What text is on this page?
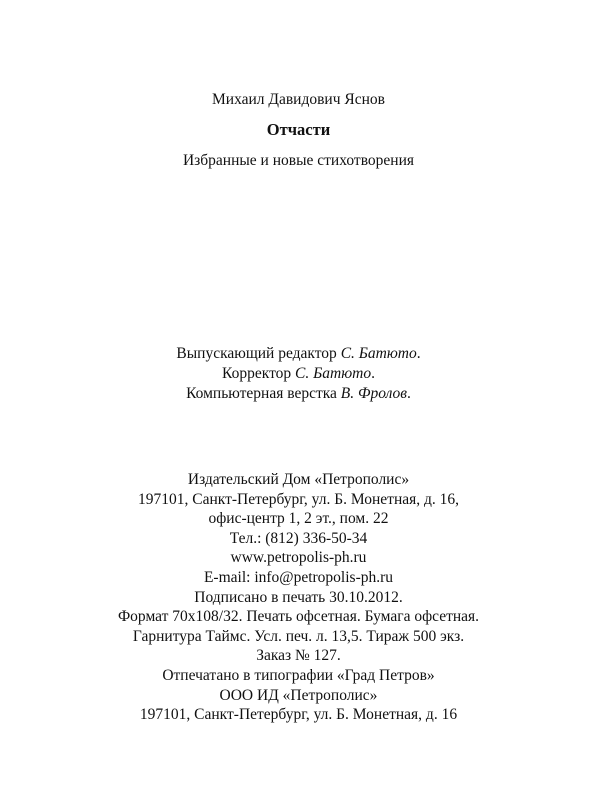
Михаил Давидович Яснов
Отчасти
Избранные и новые стихотворения
Выпускающий редактор С. Батюто.
Корректор С. Батюто.
Компьютерная верстка В. Фролов.
Издательский Дом «Петрополис»
197101, Санкт-Петербург, ул. Б. Монетная, д. 16,
офис-центр 1, 2 эт., пом. 22
Тел.: (812) 336-50-34
www.petropolis-ph.ru
E-mail: info@petropolis-ph.ru
Подписано в печать 30.10.2012.
Формат 70x108/32. Печать офсетная. Бумага офсетная.
Гарнитура Таймс. Усл. печ. л. 13,5. Тираж 500 экз.
Заказ № 127.
Отпечатано в типографии «Град Петров»
ООО ИД «Петрополис»
197101, Санкт-Петербург, ул. Б. Монетная, д. 16
